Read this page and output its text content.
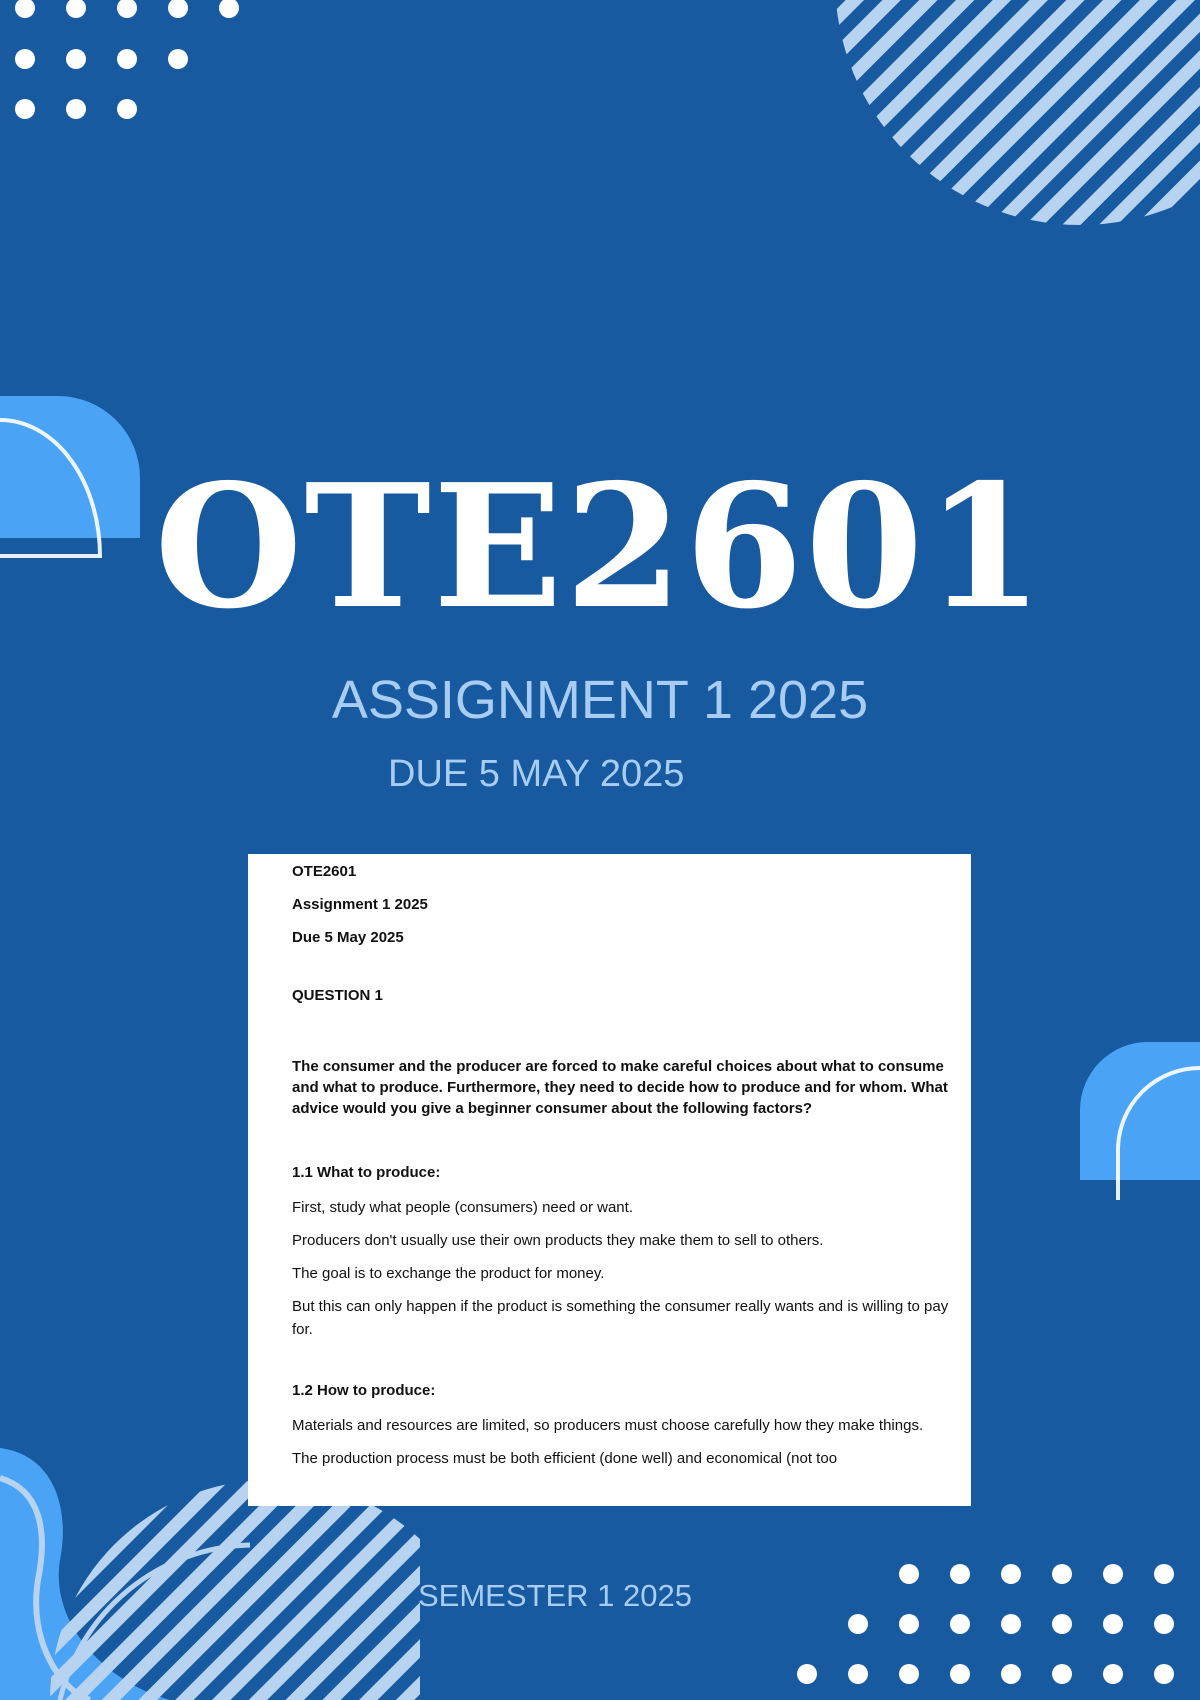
OTE2601
ASSIGNMENT 1 2025
DUE 5 MAY 2025
OTE2601
Assignment 1 2025
Due 5 May 2025
QUESTION 1
The consumer and the producer are forced to make careful choices about what to consume and what to produce. Furthermore, they need to decide how to produce and for whom. What advice would you give a beginner consumer about the following factors?
1.1 What to produce:
First, study what people (consumers) need or want.
Producers don't usually use their own products they make them to sell to others.
The goal is to exchange the product for money.
But this can only happen if the product is something the consumer really wants and is willing to pay for.
1.2 How to produce:
Materials and resources are limited, so producers must choose carefully how they make things.
The production process must be both efficient (done well) and economical (not too
SEMESTER 1 2025
